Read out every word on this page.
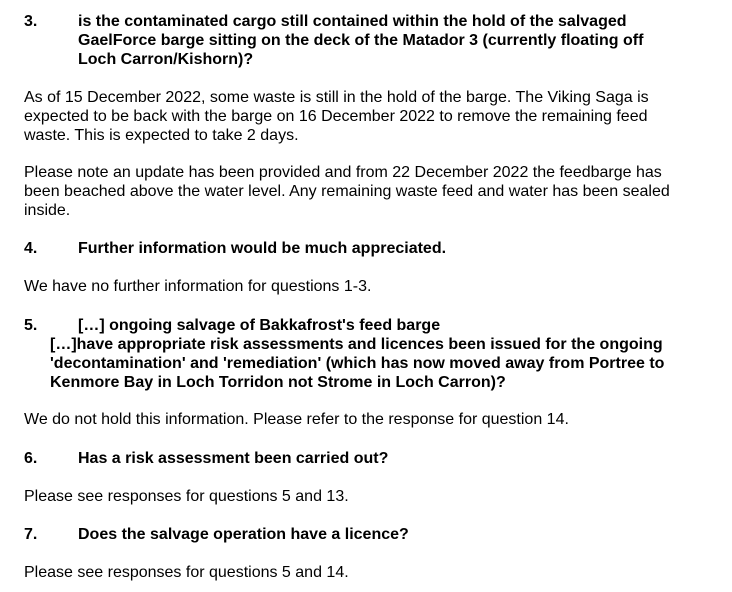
3.	is the contaminated cargo still contained within the hold of the salvaged
GaelForce barge sitting on the deck of the Matador 3 (currently floating off
Loch Carron/Kishorn)?
As of 15 December 2022, some waste is still in the hold of the barge. The Viking Saga is
expected to be back with the barge on 16 December 2022 to remove the remaining feed
waste. This is expected to take 2 days.
Please note an update has been provided and from 22 December 2022 the feedbarge has
been beached above the water level. Any remaining waste feed and water has been sealed
inside.
4.	Further information would be much appreciated.
We have no further information for questions 1-3.
5.	[…] ongoing salvage of Bakkafrost's feed barge
[…]have appropriate risk assessments and licences been issued for the ongoing
'decontamination' and 'remediation' (which has now moved away from Portree to
Kenmore Bay in Loch Torridon not Strome in Loch Carron)?
We do not hold this information. Please refer to the response for question 14.
6.	Has a risk assessment been carried out?
Please see responses for questions 5 and 13.
7.	Does the salvage operation have a licence?
Please see responses for questions 5 and 14.
